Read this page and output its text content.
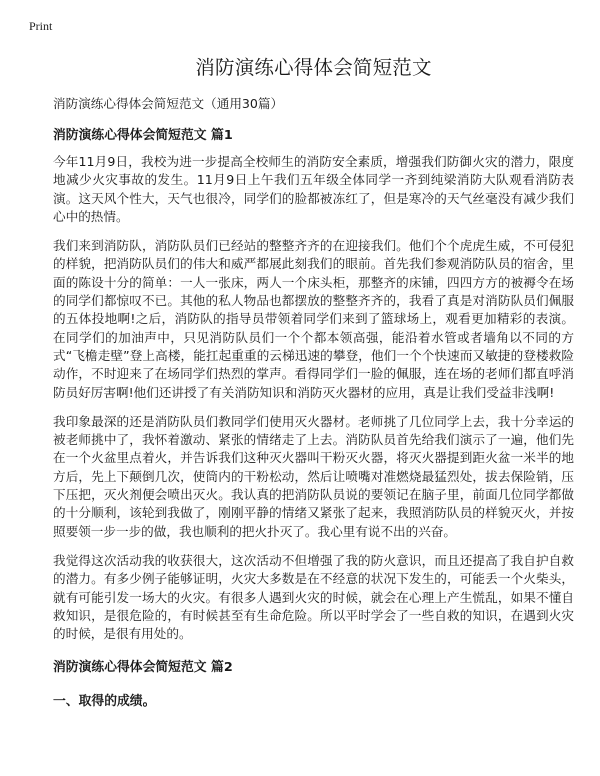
Print
消防演练心得体会简短范文

消防演练心得体会简短范文（通用30篇）

消防演练心得体会简短范文 篇1

今年11月9日，我校为进一步提高全校师生的消防安全素质，增强我们防御火灾的潜力，限度地减少火灾事故的发生。11月9日上午我们五年级全体同学一齐到纯梁消防大队观看消防表演。这天风个性大，天气也很冷，同学们的脸都被冻红了，但是寒冷的天气丝毫没有减少我们心中的热情。

我们来到消防队，消防队员们已经站的整整齐齐的在迎接我们。他们个个虎虎生威，不可侵犯的样貌，把消防队员们的伟大和威严都展此刻我们的眼前。首先我们参观消防队员的宿舍，里面的陈设十分的简单：一人一张床，两人一个床头柜，那整齐的床铺，四四方方的被褥令在场的同学们都惊叹不已。其他的私人物品也都摆放的整整齐齐的，我看了真是对消防队员们佩服的五体投地啊!之后，消防队的指导员带领着同学们来到了篮球场上，观看更加精彩的表演。在同学们的加油声中，只见消防队员们一个个都本领高强，能沿着水管或者墙角以不同的方式“飞檐走壁”登上高楼，能扛起重重的云梯迅速的攀登，他们一个个快速而又敏捷的登楼救险动作，不时迎来了在场同学们热烈的掌声。看得同学们一脸的佩服，连在场的老师们都直呼消防员好厉害啊!他们还讲授了有关消防知识和消防灭火器材的应用，真是让我们受益非浅啊!

我印象最深的还是消防队员们教同学们使用灭火器材。老师挑了几位同学上去，我十分幸运的被老师挑中了，我怀着激动、紧张的情绪走了上去。消防队员首先给我们演示了一遍，他们先在一个火盆里点着火，并告诉我们这种灭火器叫干粉灭火器，将灭火器提到距火盆一米半的地方后，先上下颠倒几次，使筒内的干粉松动，然后让喷嘴对准燃烧最猛烈处，拔去保险销，压下压把，灭火剂便会喷出灭火。我认真的把消防队员说的要领记在脑子里，前面几位同学都做的十分顺利，该轮到我做了，刚刚平静的情绪又紧张了起来，我照消防队员的样貌灭火，并按照要领一步一步的做，我也顺利的把火扑灭了。我心里有说不出的兴奋。

我觉得这次活动我的收获很大，这次活动不但增强了我的防火意识，而且还提高了我自护自救的潜力。有多少例子能够证明，火灾大多数是在不经意的状况下发生的，可能丢一个火柴头，就有可能引发一场大的火灾。有很多人遇到火灾的时候，就会在心理上产生慌乱，如果不懂自救知识，是很危险的，有时候甚至有生命危险。所以平时学会了一些自救的知识，在遇到火灾的时候，是很有用处的。

消防演练心得体会简短范文 篇2

一、取得的成绩。
